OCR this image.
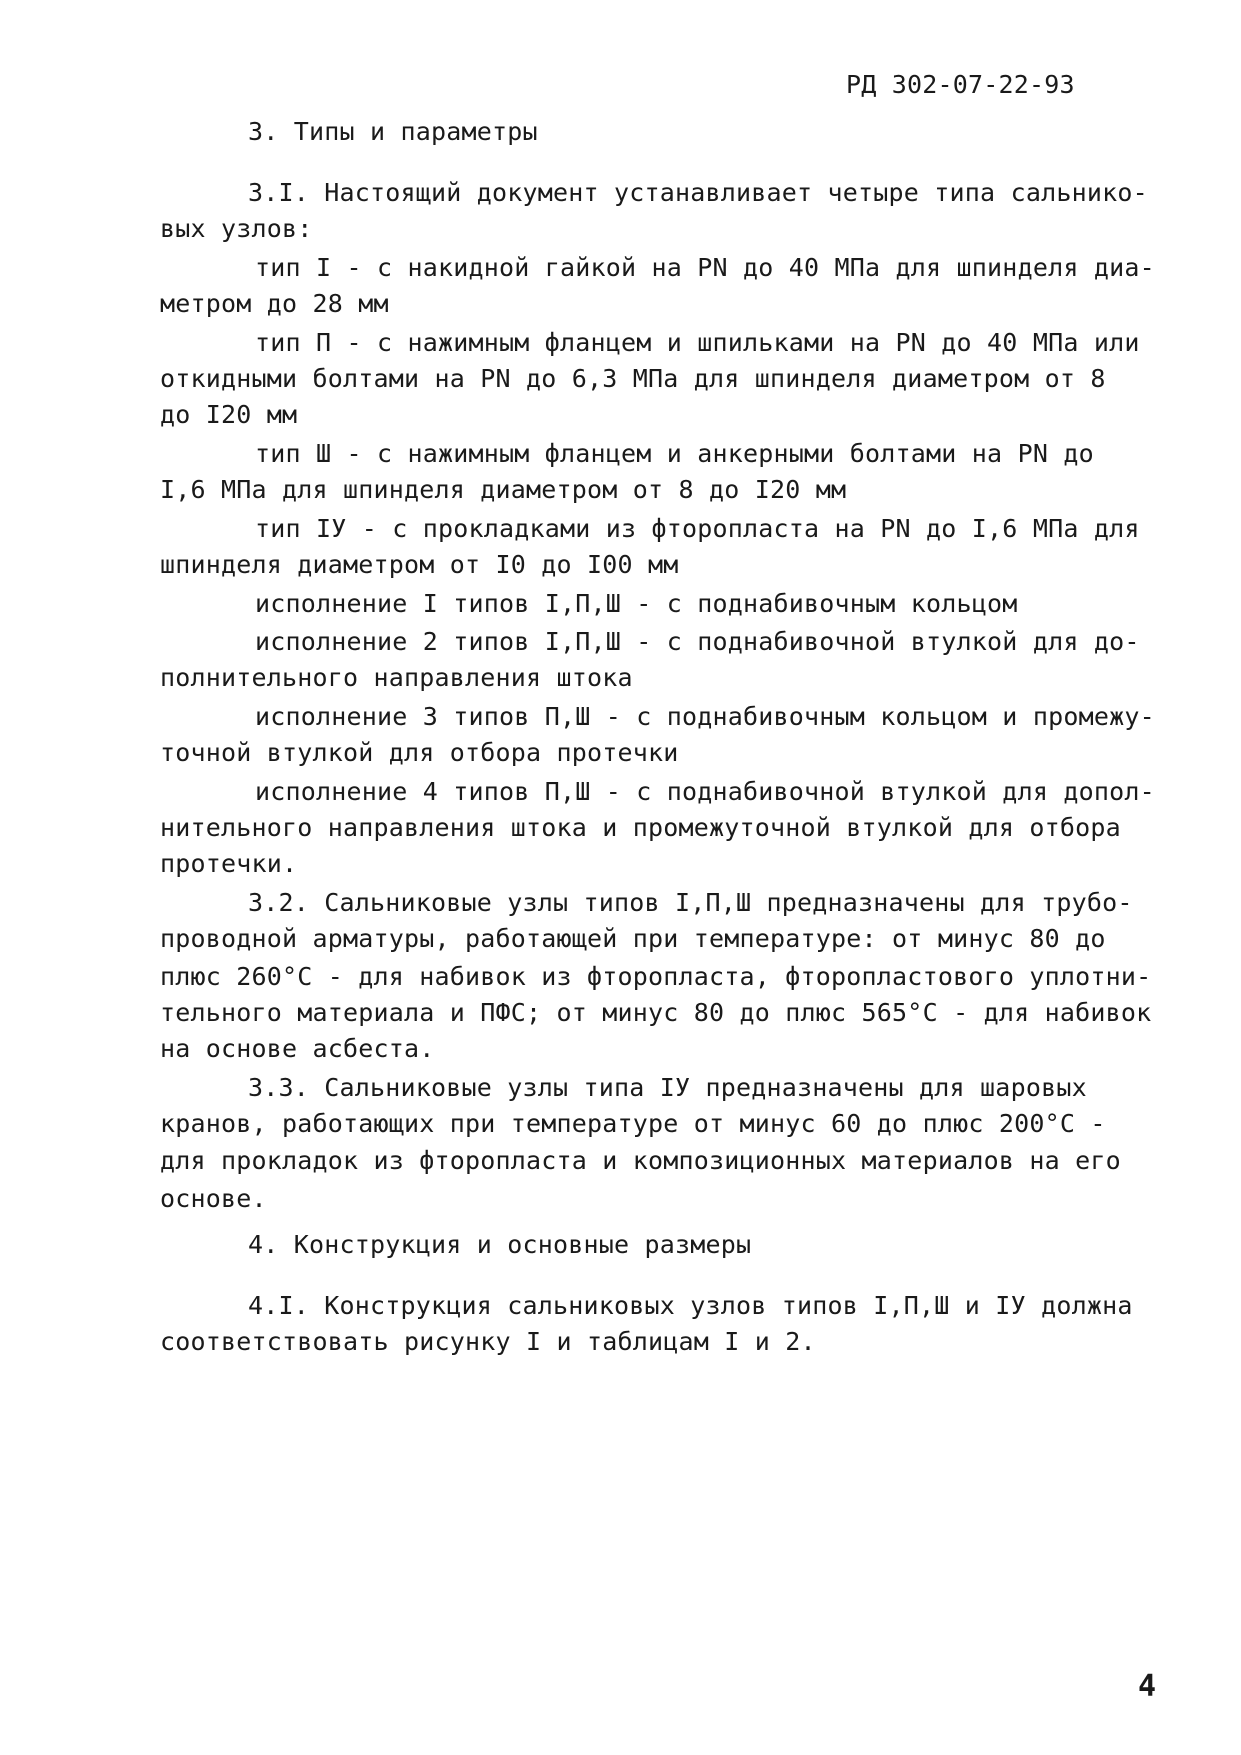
РД 302-07-22-93
3. Типы и параметры
3.I. Настоящий документ устанавливает четыре типа сальнико-
вых узлов:
тип I - с накидной гайкой на PN до 40 МПа для шпинделя диа-
метром до 28 мм
тип П - с нажимным фланцем и шпильками на PN до 40 МПа или
откидными болтами на PN до 6,3 МПа для шпинделя диаметром от 8
до I20 мм
тип Ш - с нажимным фланцем и анкерными болтами на PN до
I,6 МПа для шпинделя диаметром от 8 до I20 мм
тип IУ - с прокладками из фторопласта на PN до I,6 МПа для
шпинделя диаметром от I0 до I00 мм
исполнение I типов I,П,Ш - с поднабивочным кольцом
исполнение 2 типов I,П,Ш - с поднабивочной втулкой для до-
полнительного направления штока
исполнение 3 типов П,Ш - с поднабивочным кольцом и промежу-
точной втулкой для отбора протечки
исполнение 4 типов П,Ш - с поднабивочной втулкой для допол-
нительного направления штока и промежуточной втулкой для отбора
протечки.
3.2. Сальниковые узлы типов I,П,Ш предназначены для трубо-
проводной арматуры, работающей при температуре: от минус 80 до
плюс 260°С - для набивок из фторопласта, фторопластового уплотни-
тельного материала и ПФС; от минус 80 до плюс 565°С - для набивок
на основе асбеста.
3.3. Сальниковые узлы типа IУ предназначены для шаровых
кранов, работающих при температуре от минус 60 до плюс 200°С -
для прокладок из фторопласта и композиционных материалов на его
основе.
4. Конструкция и основные размеры
4.I. Конструкция сальниковых узлов типов I,П,Ш и IУ должна
соответствовать рисунку I и таблицам I и 2.
4
